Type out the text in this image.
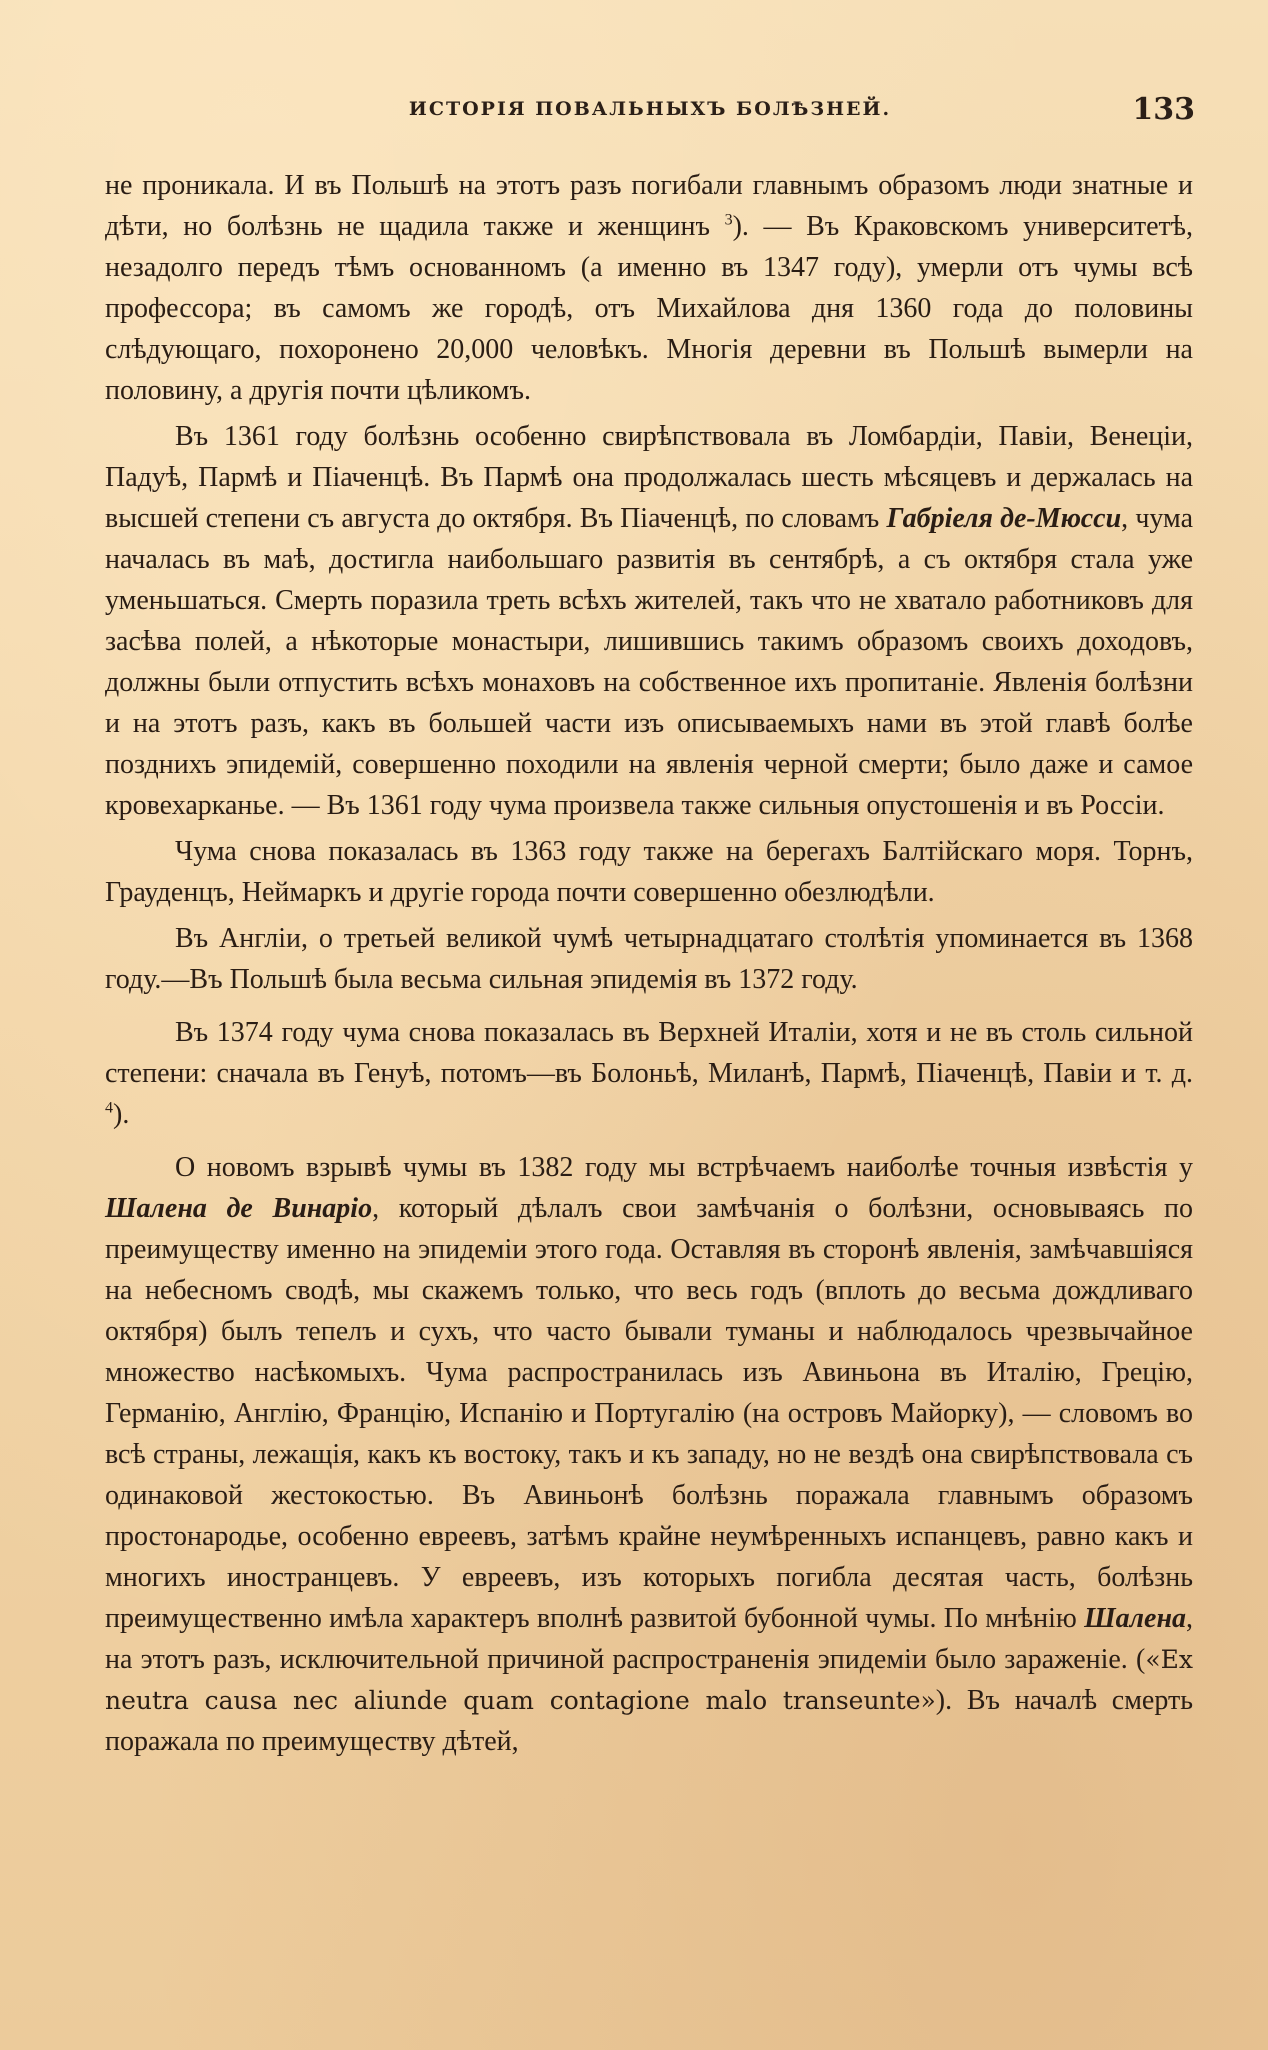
ИСТОРІЯ ПОВАЛЬНЫХЪ БОЛѢЗНЕЙ.	133

не проникала. И въ Польшѣ на этотъ разъ погибали главнымъ образомъ люди знатные и дѣти, но болѣзнь не щадила также и женщинъ $^3$). — Въ Краковскомъ университетѣ, незадолго передъ тѣмъ основанномъ (а именно въ 1347 году), умерли отъ чумы всѣ профессора; въ самомъ же городѣ, отъ Михайлова дня 1360 года до половины слѣдующаго, похоронено 20,000 человѣкъ. Многія деревни въ Польшѣ вымерли на половину, а другія почти цѣликомъ.

Въ 1361 году болѣзнь особенно свирѣпствовала въ Ломбардіи, Павіи, Венеціи, Падуѣ, Пармѣ и Піаченцѣ. Въ Пармѣ она продолжалась шесть мѣсяцевъ и держалась на высшей степени съ августа до октября. Въ Піаченцѣ, по словамъ Габріеля де-Мюсси, чума началась въ маѣ, достигла наибольшаго развитія въ сентябрѣ, а съ октября стала уже уменьшаться. Смерть поразила треть всѣхъ жителей, такъ что не хватало работниковъ для засѣва полей, а нѣкоторые монастыри, лишившись такимъ образомъ своихъ доходовъ, должны были отпустить всѣхъ монаховъ на собственное ихъ пропитаніе. Явленія болѣзни и на этотъ разъ, какъ въ большей части изъ описываемыхъ нами въ этой главѣ болѣе позднихъ эпидемій, совершенно походили на явленія черной смерти; было даже и самое кровехарканье. — Въ 1361 году чума произвела также сильныя опустошенія и въ Россіи.

Чума снова показалась въ 1363 году также на берегахъ Балтійскаго моря. Торнъ, Грауденцъ, Неймаркъ и другіе города почти совершенно обезлюдѣли.

Въ Англіи, о третьей великой чумѣ четырнадцатаго столѣтія упоминается въ 1368 году.—Въ Польшѣ была весьма сильная эпидемія въ 1372 году.

Въ 1374 году чума снова показалась въ Верхней Италіи, хотя и не въ столь сильной степени: сначала въ Генуѣ, потомъ—въ Болоньѣ, Миланѣ, Пармѣ, Піаченцѣ, Павіи и т. д. $^4$).

О новомъ взрывѣ чумы въ 1382 году мы встрѣчаемъ наиболѣе точныя извѣстія у Шалена де Винаріо, который дѣлалъ свои замѣчанія о болѣзни, основываясь по преимуществу именно на эпидеміи этого года. Оставляя въ сторонѣ явленія, замѣчавшіяся на небесномъ сводѣ, мы скажемъ только, что весь годъ (вплоть до весьма дождливаго октября) былъ тепелъ и сухъ, что часто бывали туманы и наблюдалось чрезвычайное множество насѣкомыхъ. Чума распространилась изъ Авиньона въ Италію, Грецію, Германію, Англію, Францію, Испанію и Португалію (на островъ Майорку), — словомъ во всѣ страны, лежащія, какъ къ востоку, такъ и къ западу, но не вездѣ она свирѣпствовала съ одинаковой жестокостью. Въ Авиньонѣ болѣзнь поражала главнымъ образомъ простонародье, особенно евреевъ, затѣмъ крайне неумѣренныхъ испанцевъ, равно какъ и многихъ иностранцевъ. У евреевъ, изъ которыхъ погибла десятая часть, болѣзнь преимущественно имѣла характеръ вполнѣ развитой бубонной чумы. По мнѣнію Шалена, на этотъ разъ, исключительной причиной распространенія эпидеміи было зараженіе. («Ex neutra causa nec aliunde quam contagione malo transeunte»). Въ началѣ смерть поражала по преимуществу дѣтей,
